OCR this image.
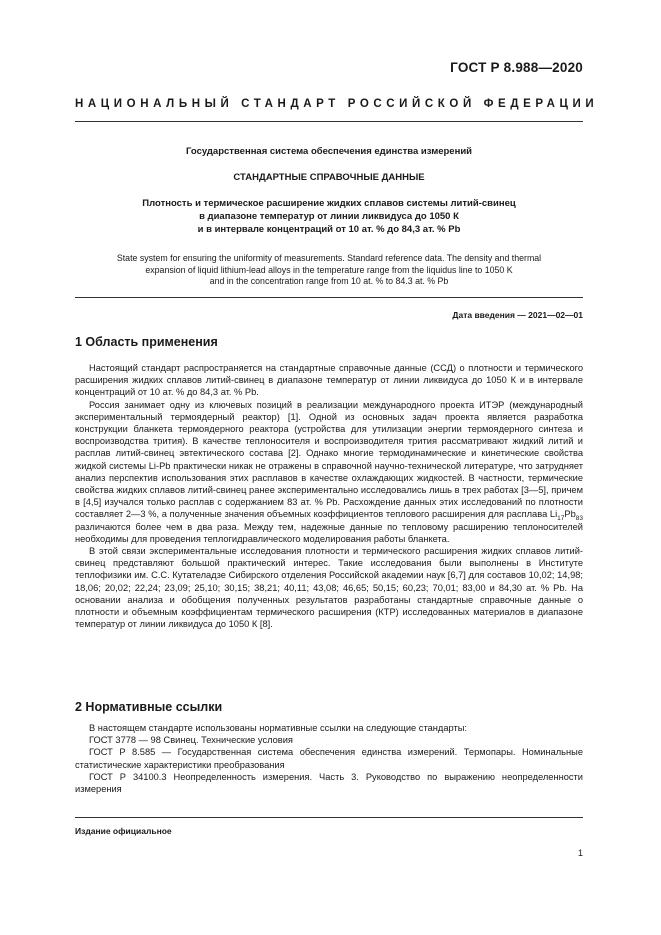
ГОСТ Р 8.988—2020
НАЦИОНАЛЬНЫЙ СТАНДАРТ РОССИЙСКОЙ ФЕДЕРАЦИИ
Государственная система обеспечения единства измерений
СТАНДАРТНЫЕ СПРАВОЧНЫЕ ДАННЫЕ
Плотность и термическое расширение жидких сплавов системы литий-свинец
в диапазоне температур от линии ликвидуса до 1050 К
и в интервале концентраций от 10 ат. % до 84,3 ат. % Pb
State system for ensuring the uniformity of measurements. Standard reference data. The density and thermal
expansion of liquid lithium-lead alloys in the temperature range from the liquidus line to 1050 K
and in the concentration range from 10 at. % to 84.3 at. % Pb
Дата введения — 2021—02—01
1 Область применения

Настоящий стандарт распространяется на стандартные справочные данные (ССД) о плотности и термического расширения жидких сплавов литий-свинец в диапазоне температур от линии ликвидуса до 1050 К и в интервале концентраций от 10 ат. % до 84,3 ат. % Pb.

Россия занимает одну из ключевых позиций в реализации международного проекта ИТЭР (международный экспериментальный термоядерный реактор) [1]. Одной из основных задач проекта является разработка конструкции бланкета термоядерного реактора (устройства для утилизации энергии термоядерного синтеза и воспроизводства трития). В качестве теплоносителя и воспроизводителя трития рассматривают жидкий литий и расплав литий-свинец эвтектического состава [2]. Однако многие термодинамические и кинетические свойства жидкой системы Li-Pb практически никак не отражены в справочной научно-технической литературе, что затрудняет анализ перспектив использования этих расплавов в качестве охлаждающих жидкостей. В частности, термические свойства жидких сплавов литий-свинец ранее экспериментально исследовались лишь в трех работах [3—5], причем в [4,5] изучался только расплав с содержанием 83 ат. % Pb. Расхождение данных этих исследований по плотности составляет 2—3 %, а полученные значения объемных коэффициентов теплового расширения для расплава $Li_{17}Pb_{83}$ различаются более чем в два раза. Между тем, надежные данные по тепловому расширению теплоносителей необходимы для проведения теплогидравлического моделирования работы бланкета.

В этой связи экспериментальные исследования плотности и термического расширения жидких сплавов литий-свинец представляют большой практический интерес. Такие исследования были выполнены в Институте теплофизики им. С.С. Кутателадзе Сибирского отделения Российской академии наук [6,7] для составов 10,02; 14,98; 18,06; 20,02; 22,24; 23,09; 25,10; 30,15; 38,21; 40,11; 43,08; 46,65; 50,15; 60,23; 70,01; 83,00 и 84,30 ат. % Pb. На основании анализа и обобщения полученных результатов разработаны стандартные справочные данные о плотности и объемным коэффициентам термического расширения (КТР) исследованных материалов в диапазоне температур от линии ликвидуса до 1050 К [8].

2 Нормативные ссылки

В настоящем стандарте использованы нормативные ссылки на следующие стандарты:

ГОСТ 3778 — 98 Свинец. Технические условия

ГОСТ Р 8.585 — Государственная система обеспечения единства измерений. Термопары. Номинальные статистические характеристики преобразования

ГОСТ Р 34100.3 Неопределенность измерения. Часть 3. Руководство по выражению неопределенности измерения

Издание официальное
1
